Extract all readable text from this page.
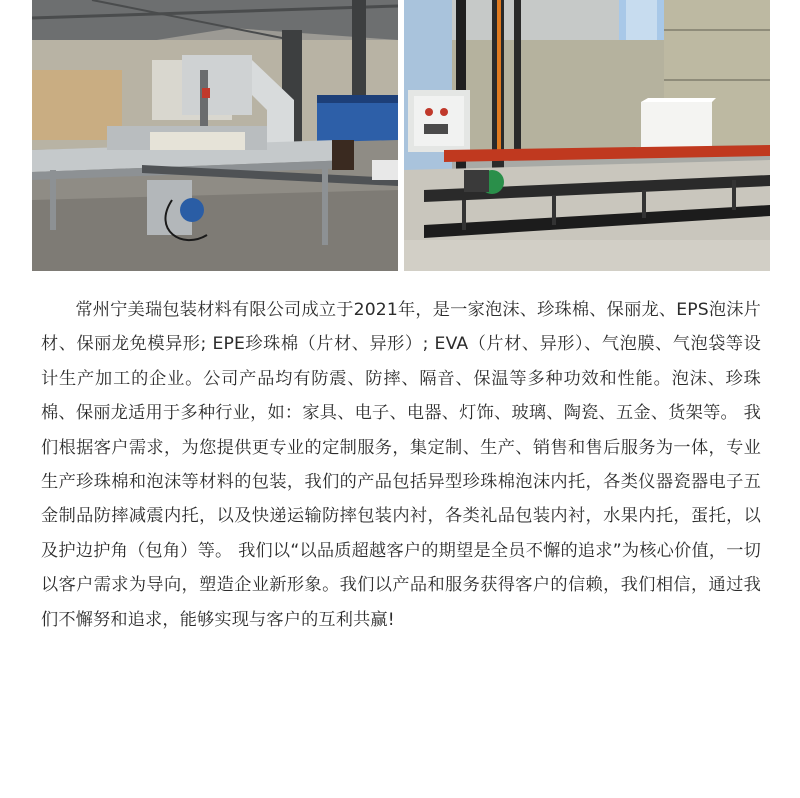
常州宁美瑞包装材料有限公司成立于2021年，是一家泡沫、珍珠棉、保丽龙、EPS泡沫片材、保丽龙免模异形; EPE珍珠棉（片材、异形）; EVA（片材、异形）、气泡膜、气泡袋等设计生产加工的企业。公司产品均有防震、防摔、隔音、保温等多种功效和性能。泡沫、珍珠棉、保丽龙适用于多种行业，如：家具、电子、电器、灯饰、玻璃、陶瓷、五金、货架等。 我们根据客户需求，为您提供更专业的定制服务，集定制、生产、销售和售后服务为一体，专业生产珍珠棉和泡沫等材料的包装，我们的产品包括异型珍珠棉泡沫内托，各类仪器瓷器电子五金制品防摔减震内托，以及快递运输防摔包装内衬，各类礼品包装内衬，水果内托，蛋托，以及护边护角（包角）等。 我们以“以品质超越客户的期望是全员不懈的追求”为核心价值，一切以客户需求为导向，塑造企业新形象。我们以产品和服务获得客户的信赖，我们相信，通过我们不懈努和追求，能够实现与客户的互利共赢!
